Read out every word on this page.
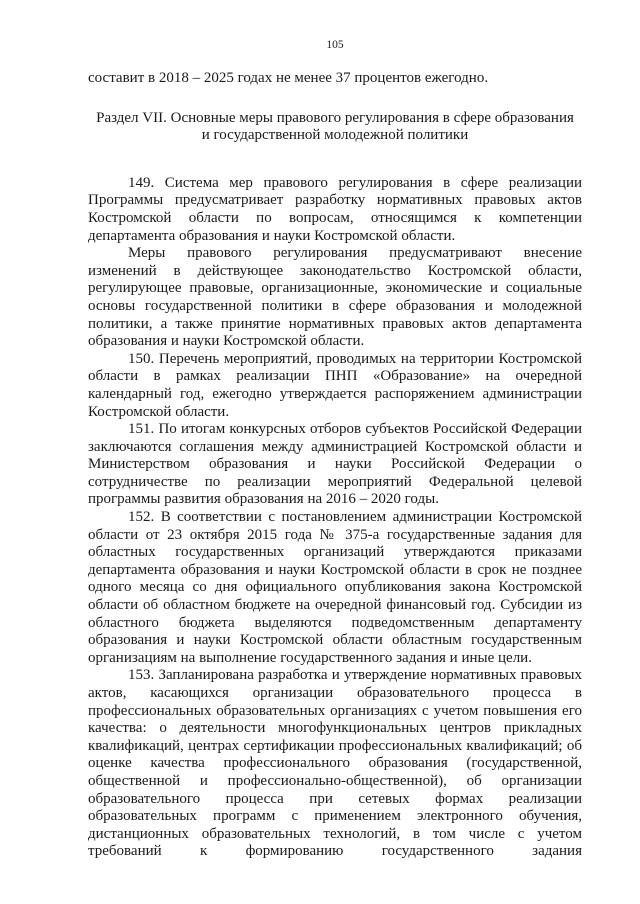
105

составит в 2018 – 2025 годах не менее 37 процентов ежегодно.

Раздел VII. Основные меры правового регулирования в сфере образования
и государственной молодежной политики

149. Система мер правового регулирования в сфере реализации Программы предусматривает разработку нормативных правовых актов Костромской области по вопросам, относящимся к компетенции департамента образования и науки Костромской области.

Меры правового регулирования предусматривают внесение изменений в действующее законодательство Костромской области, регулирующее правовые, организационные, экономические и социальные основы государственной политики в сфере образования и молодежной политики, а также принятие нормативных правовых актов департамента образования и науки Костромской области.

150. Перечень мероприятий, проводимых на территории Костромской области в рамках реализации ПНП «Образование» на очередной календарный год, ежегодно утверждается распоряжением администрации Костромской области.

151. По итогам конкурсных отборов субъектов Российской Федерации заключаются соглашения между администрацией Костромской области и Министерством образования и науки Российской Федерации о сотрудничестве по реализации мероприятий Федеральной целевой программы развития образования на 2016 – 2020 годы.

152. В соответствии с постановлением администрации Костромской области от 23 октября 2015 года № 375-а государственные задания для областных государственных организаций утверждаются приказами департамента образования и науки Костромской области в срок не позднее одного месяца со дня официального опубликования закона Костромской области об областном бюджете на очередной финансовый год. Субсидии из областного бюджета выделяются подведомственным департаменту образования и науки Костромской области областным государственным организациям на выполнение государственного задания и иные цели.

153. Запланирована разработка и утверждение нормативных правовых актов, касающихся организации образовательного процесса в профессиональных образовательных организациях с учетом повышения его качества: о деятельности многофункциональных центров прикладных квалификаций, центрах сертификации профессиональных квалификаций; об оценке качества профессионального образования (государственной, общественной и профессионально-общественной), об организации образовательного процесса при сетевых формах реализации образовательных программ с применением электронного обучения, дистанционных образовательных технологий, в том числе с учетом требований к формированию государственного задания
